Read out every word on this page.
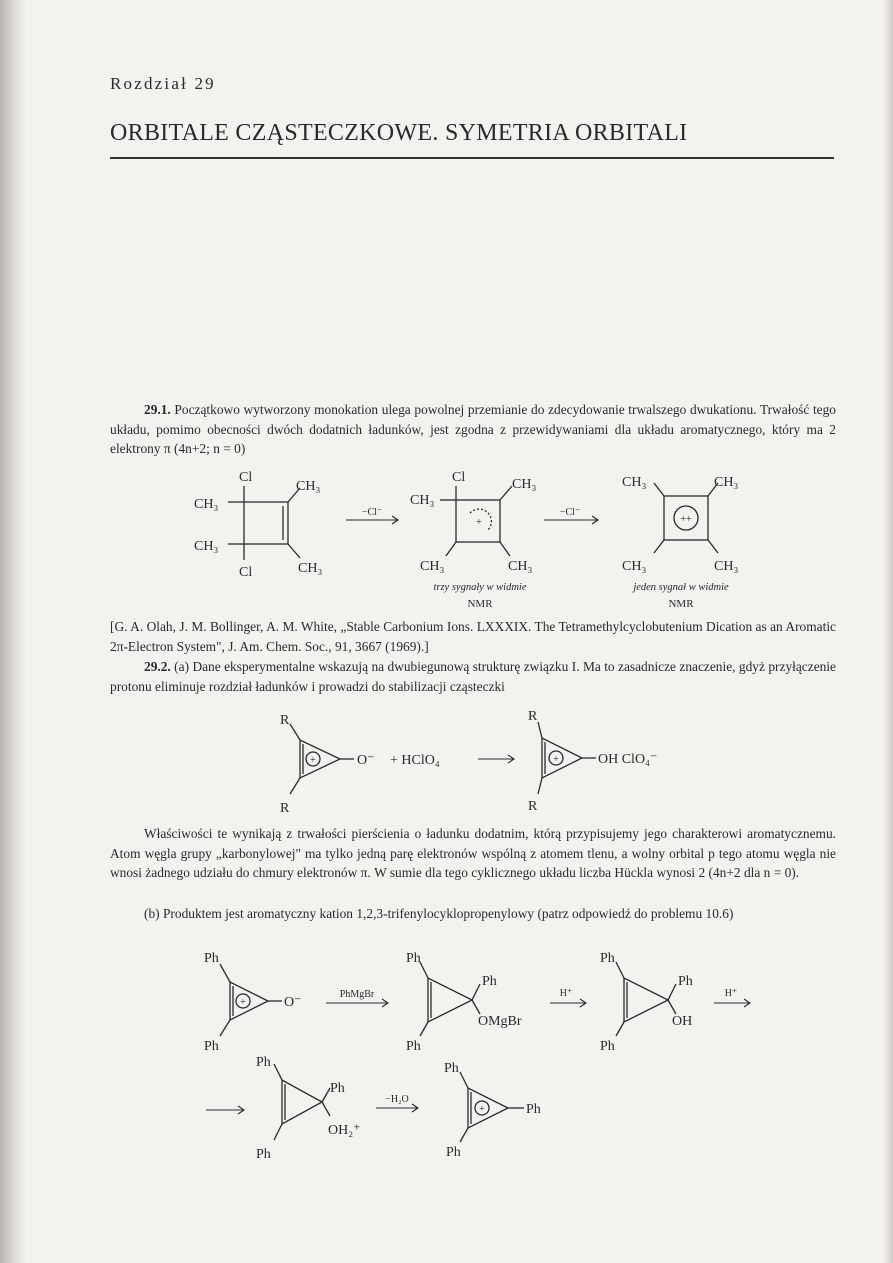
Rozdział 29
ORBITALE CZĄSTECZKOWE. SYMETRIA ORBITALI
29.1. Początkowo wytworzony monokation ulega powolnej przemianie do zdecydowanie trwalszego dwukationu. Trwałość tego układu, pomimo obecności dwóch dodatnich ładunków, jest zgodna z przewidywaniami dla układu aromatycznego, który ma 2 elektrony π (4n+2; n = 0)
Cl
CH₃
CH₃
CH₃
Cl	CH₃
−Cl⁻
Cl
CH₃
CH₃
CH₃	CH₃
+
trzy sygnały w widmie
NMR
−Cl⁻
CH₃	CH₃
CH₃	CH₃
++
jeden sygnał w widmie
NMR
R
R
+	O⁻ + HClO₄
R
R
+	OH ClO₄⁻
Ph
Ph
+	O⁻
PhMgBr
Ph
Ph
OMgBr
Ph
H⁺
Ph
Ph
OH
Ph
H⁺
Ph
Ph
OH₂⁺
Ph
−H₂O
Ph
+	Ph
Ph
[G. A. Olah, J. M. Bollinger, A. M. White, „Stable Carbonium Ions. LXXXIX. The Tetramethylcyclobutenium Dication as an Aromatic 2π-Electron System", J. Am. Chem. Soc., 91, 3667 (1969).]
29.2. (a) Dane eksperymentalne wskazują na dwubiegunową strukturę związku I. Ma to zasadnicze znaczenie, gdyż przyłączenie protonu eliminuje rozdział ładunków i prowadzi do stabilizacji cząsteczki
Właściwości te wynikają z trwałości pierścienia o ładunku dodatnim, którą przypisujemy jego charakterowi aromatycznemu. Atom węgla grupy „karbonylowej" ma tylko jedną parę elektronów wspólną z atomem tlenu, a wolny orbital p tego atomu węgla nie wnosi żadnego udziału do chmury elektronów π. W sumie dla tego cyklicznego układu liczba Hückla wynosi 2 (4n+2 dla n = 0).
(b) Produktem jest aromatyczny kation 1,2,3-trifenylocyklopropenylowy (patrz odpowiedź do problemu 10.6)
